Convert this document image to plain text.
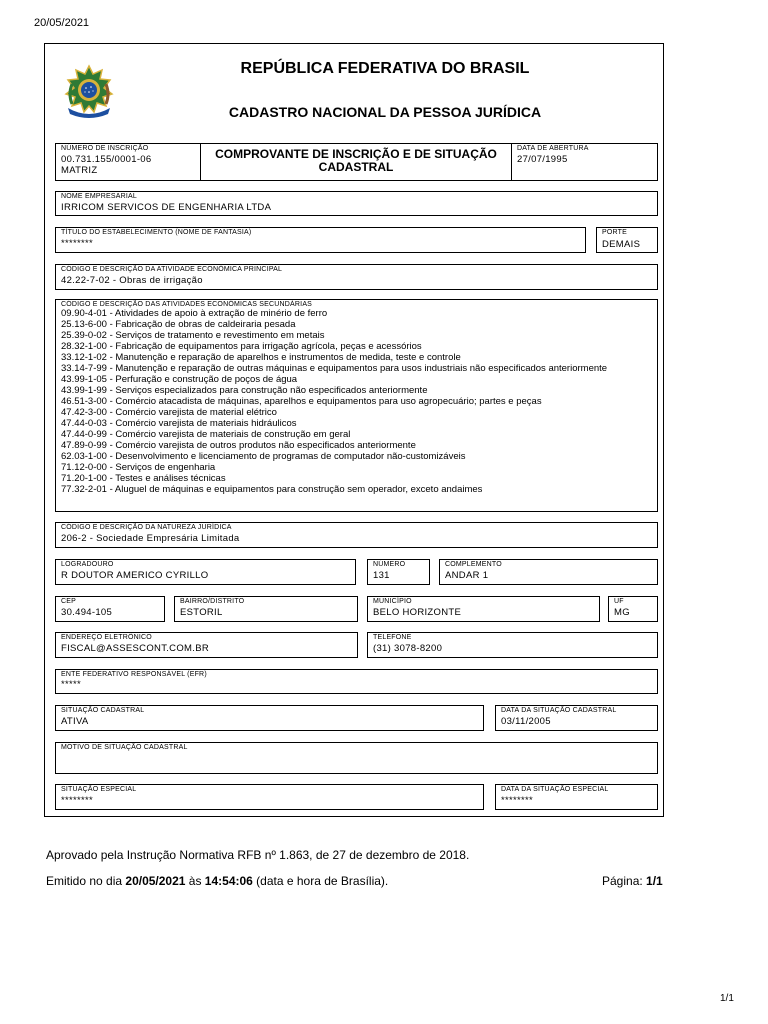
20/05/2021
REPÚBLICA FEDERATIVA DO BRASIL
CADASTRO NACIONAL DA PESSOA JURÍDICA
NÚMERO DE INSCRIÇÃO
00.731.155/0001-06
MATRIZ
COMPROVANTE DE INSCRIÇÃO E DE SITUAÇÃO
CADASTRAL
DATA DE ABERTURA
27/07/1995
NOME EMPRESARIAL
IRRICOM SERVICOS DE ENGENHARIA LTDA
TÍTULO DO ESTABELECIMENTO (NOME DE FANTASIA)
********
PORTE
DEMAIS
CÓDIGO E DESCRIÇÃO DA ATIVIDADE ECONÔMICA PRINCIPAL
42.22-7-02 - Obras de irrigação
CÓDIGO E DESCRIÇÃO DAS ATIVIDADES ECONÔMICAS SECUNDÁRIAS
09.90-4-01 - Atividades de apoio à extração de minério de ferro
25.13-6-00 - Fabricação de obras de caldeiraria pesada
25.39-0-02 - Serviços de tratamento e revestimento em metais
28.32-1-00 - Fabricação de equipamentos para irrigação agrícola, peças e acessórios
33.12-1-02 - Manutenção e reparação de aparelhos e instrumentos de medida, teste e controle
33.14-7-99 - Manutenção e reparação de outras máquinas e equipamentos para usos industriais não especificados anteriormente
43.99-1-05 - Perfuração e construção de poços de água
43.99-1-99 - Serviços especializados para construção não especificados anteriormente
46.51-3-00 - Comércio atacadista de máquinas, aparelhos e equipamentos para uso agropecuário; partes e peças
47.42-3-00 - Comércio varejista de material elétrico
47.44-0-03 - Comércio varejista de materiais hidráulicos
47.44-0-99 - Comércio varejista de materiais de construção em geral
47.89-0-99 - Comércio varejista de outros produtos não especificados anteriormente
62.03-1-00 - Desenvolvimento e licenciamento de programas de computador não-customizáveis
71.12-0-00 - Serviços de engenharia
71.20-1-00 - Testes e análises técnicas
77.32-2-01 - Aluguel de máquinas e equipamentos para construção sem operador, exceto andaimes
CÓDIGO E DESCRIÇÃO DA NATUREZA JURÍDICA
206-2 - Sociedade Empresária Limitada
LOGRADOURO
R DOUTOR AMERICO CYRILLO
NÚMERO
131
COMPLEMENTO
ANDAR 1
CEP
30.494-105
BAIRRO/DISTRITO
ESTORIL
MUNICÍPIO
BELO HORIZONTE
UF
MG
ENDEREÇO ELETRÔNICO
FISCAL@ASSESCONT.COM.BR
TELEFONE
(31) 3078-8200
ENTE FEDERATIVO RESPONSÁVEL (EFR)
*****
SITUAÇÃO CADASTRAL
ATIVA
DATA DA SITUAÇÃO CADASTRAL
03/11/2005
MOTIVO DE SITUAÇÃO CADASTRAL
SITUAÇÃO ESPECIAL
********
DATA DA SITUAÇÃO ESPECIAL
********
Aprovado pela Instrução Normativa RFB nº 1.863, de 27 de dezembro de 2018.
Emitido no dia 20/05/2021 às 14:54:06 (data e hora de Brasília).	Página: 1/1
1/1
